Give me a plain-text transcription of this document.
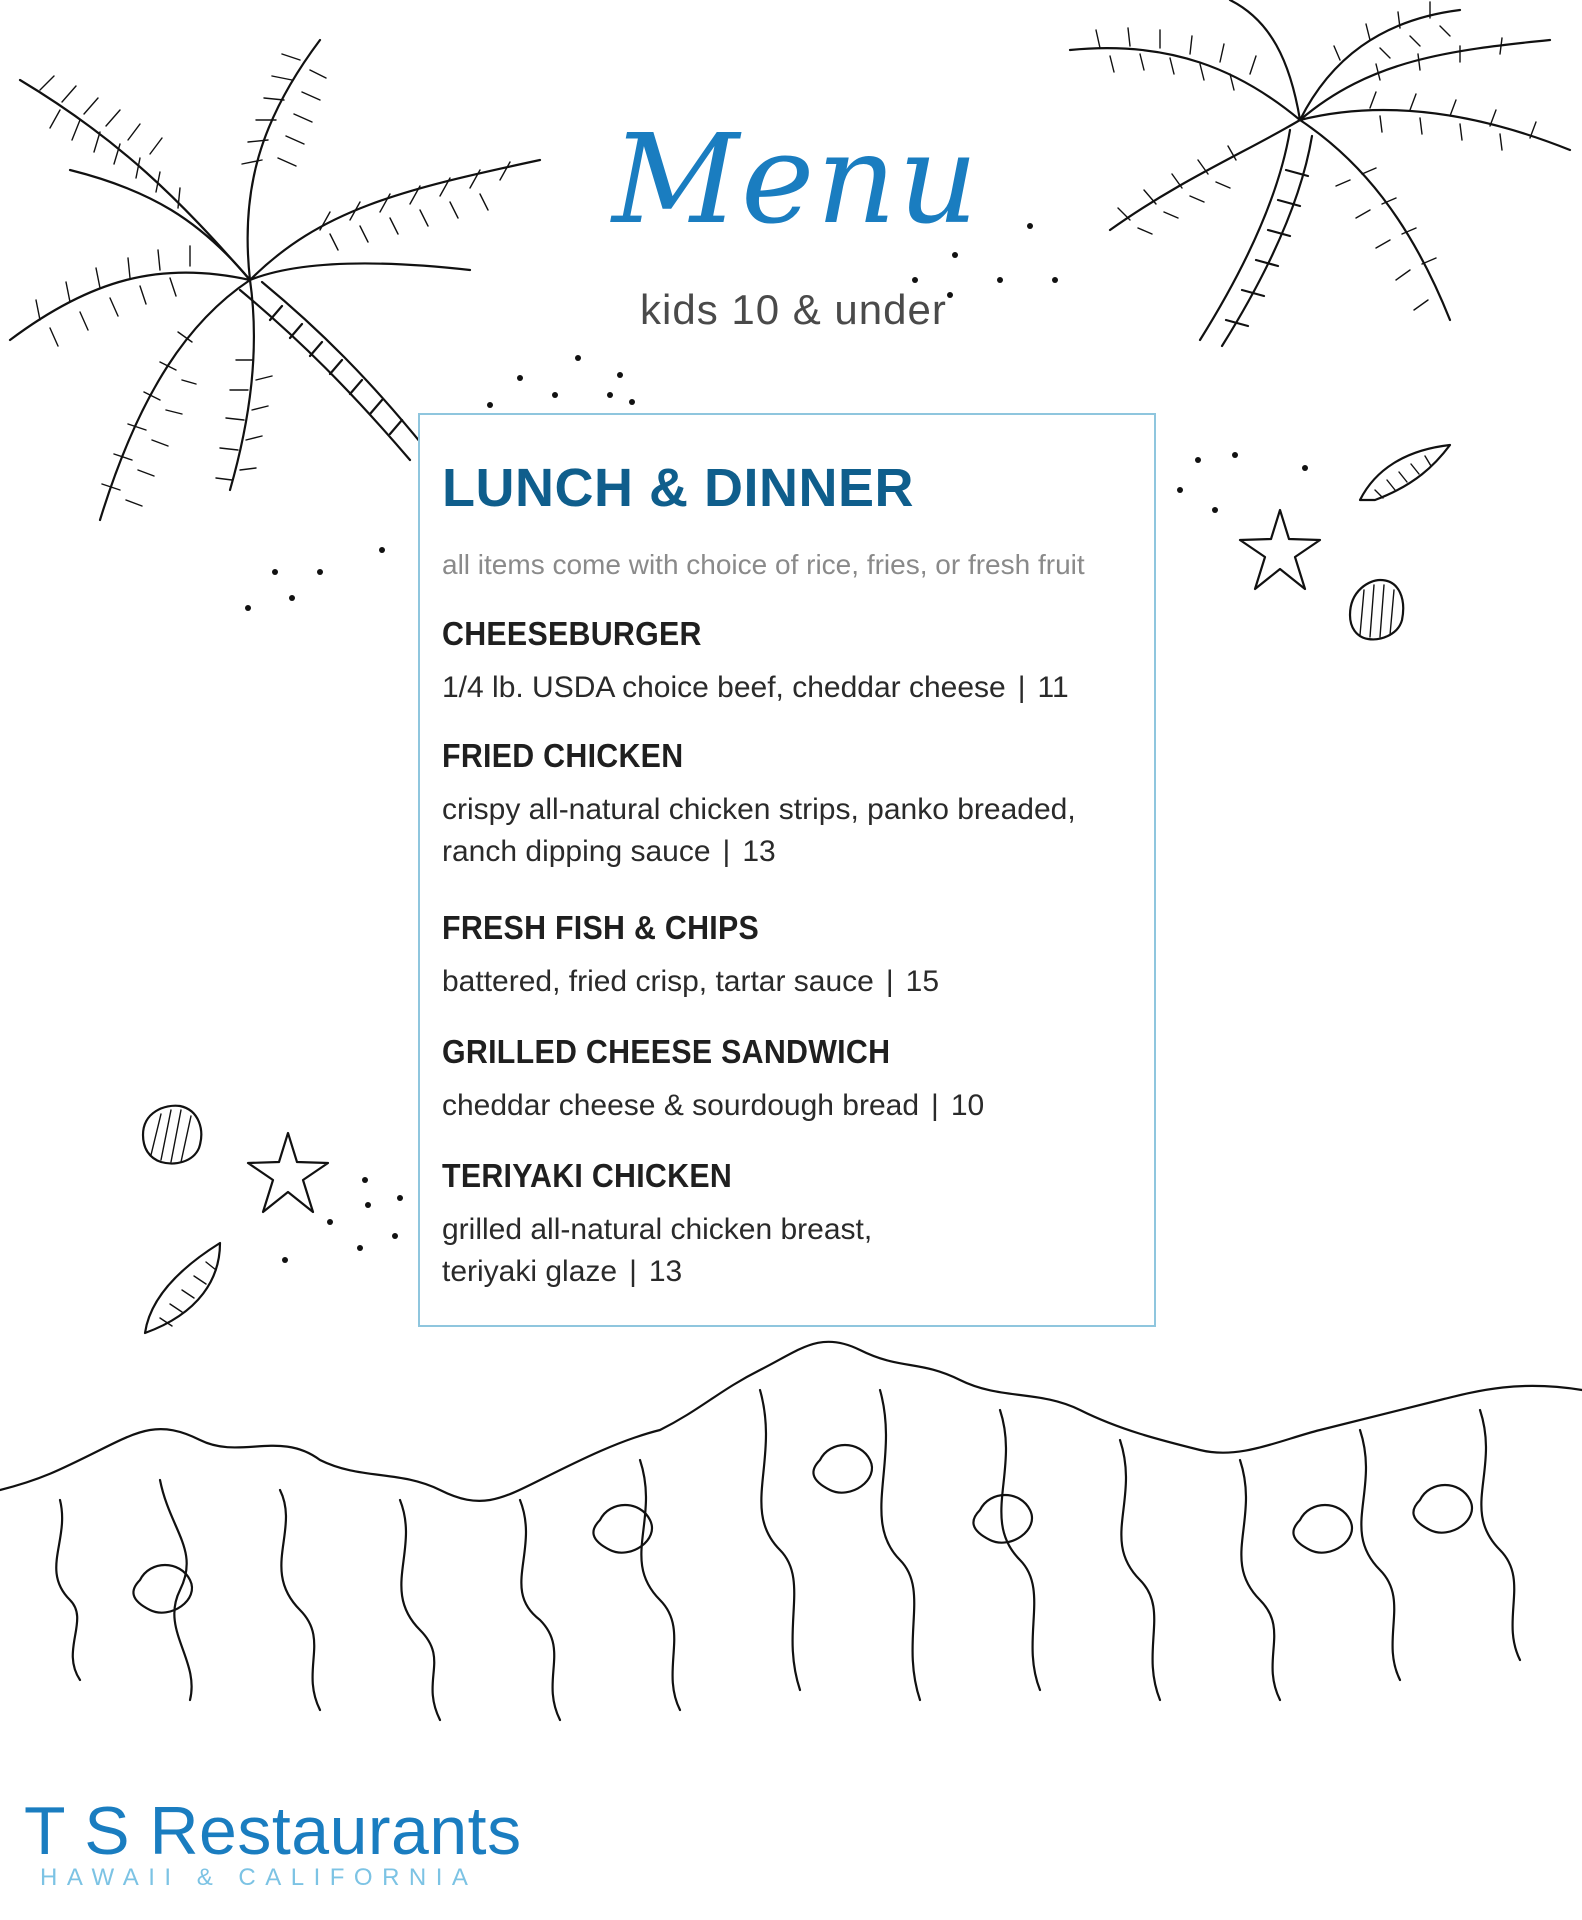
Menu
kids 10 & under
LUNCH & DINNER
all items come with choice of rice, fries, or fresh fruit
CHEESEBURGER
1/4 lb. USDA choice beef, cheddar cheese | 11
FRIED CHICKEN
crispy all-natural chicken strips, panko breaded,
ranch dipping sauce | 13
FRESH FISH & CHIPS
battered, fried crisp, tartar sauce | 15
GRILLED CHEESE SANDWICH
cheddar cheese & sourdough bread | 10
TERIYAKI CHICKEN
grilled all-natural chicken breast,
teriyaki glaze | 13
T S Restaurants
HAWAII & CALIFORNIA
